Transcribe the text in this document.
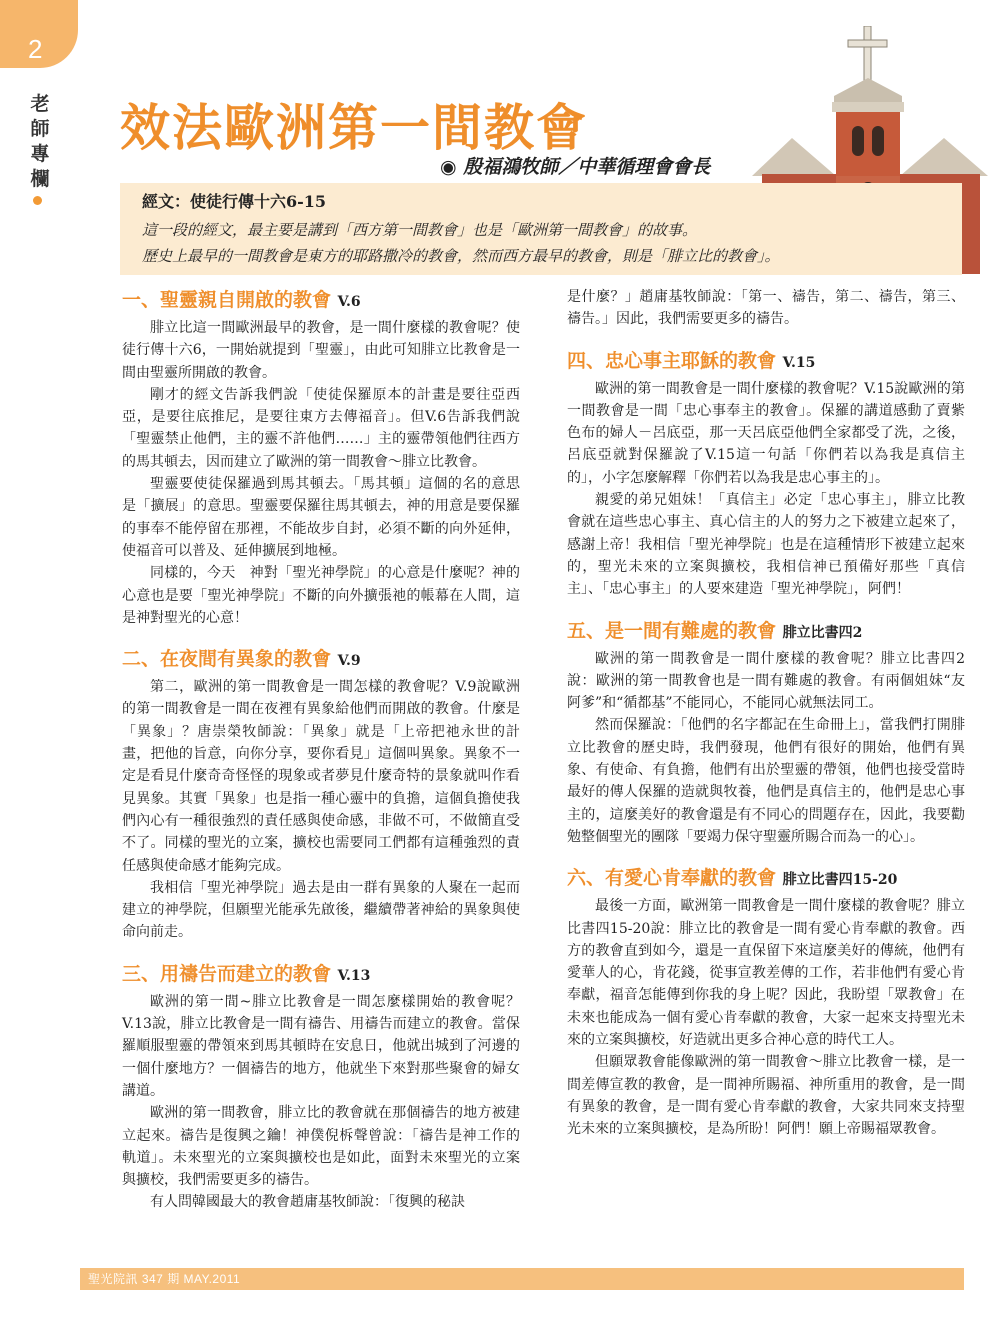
2
老師專欄
效法歐洲第一間教會

◉ 殷福鴻牧師／中華循理會會長

經文：使徒行傳十六6-15

這一段的經文，最主要是講到「西方第一間教會」也是「歐洲第一間教會」的故事。

歷史上最早的一間教會是東方的耶路撒冷的教會，然而西方最早的教會，則是「腓立比的教會」。

一、聖靈親自開啟的教會 V.6

腓立比這一間歐洲最早的教會，是一間什麼樣的教會呢？使徒行傳十六6，一開始就提到「聖靈」，由此可知腓立比教會是一間由聖靈所開啟的教會。

剛才的經文告訴我們說「使徒保羅原本的計畫是要往亞西亞，是要往底推尼，是要往東方去傳福音」。但V.6告訴我們說「聖靈禁止他們，主的靈不許他們……」主的靈帶領他們往西方的馬其頓去，因而建立了歐洲的第一間教會～腓立比教會。

聖靈要使徒保羅過到馬其頓去。「馬其頓」這個的名的意思是「擴展」的意思。聖靈要保羅往馬其頓去，神的用意是要保羅的事奉不能停留在那裡，不能故步自封，必須不斷的向外延伸，使福音可以普及、延伸擴展到地極。

同樣的，今天　神對「聖光神學院」的心意是什麼呢？神的心意也是要「聖光神學院」不斷的向外擴張祂的帳幕在人間，這是神對聖光的心意！

二、在夜間有異象的教會 V.9

第二，歐洲的第一間教會是一間怎樣的教會呢？V.9說歐洲的第一間教會是一間在夜裡有異象給他們而開啟的教會。什麼是「異象」？唐崇榮牧師說：「異象」就是「上帝把祂永世的計畫，把他的旨意，向你分享，要你看見」這個叫異象。異象不一定是看見什麼奇奇怪怪的現象或者夢見什麼奇特的景象就叫作看見異象。其實「異象」也是指一種心靈中的負擔，這個負擔使我們內心有一種很強烈的責任感與使命感，非做不可，不做簡直受不了。同樣的聖光的立案，擴校也需要同工們都有這種強烈的責任感與使命感才能夠完成。

我相信「聖光神學院」過去是由一群有異象的人聚在一起而建立的神學院，但願聖光能承先啟後，繼續帶著神給的異象與使命向前走。

三、用禱告而建立的教會 V.13

歐洲的第一間~腓立比教會是一間怎麼樣開始的教會呢？V.13說，腓立比教會是一間有禱告、用禱告而建立的教會。當保羅順服聖靈的帶領來到馬其頓時在安息日，他就出城到了河邊的一個什麼地方？一個禱告的地方，他就坐下來對那些聚會的婦女講道。

歐洲的第一間教會，腓立比的教會就在那個禱告的地方被建立起來。禱告是復興之鑰！神僕倪柝聲曾說：「禱告是神工作的軌道」。未來聖光的立案與擴校也是如此，面對未來聖光的立案與擴校，我們需要更多的禱告。

有人問韓國最大的教會趙庸基牧師說：「復興的秘訣

是什麼？」趙庸基牧師說：「第一、禱告，第二、禱告，第三、禱告。」因此，我們需要更多的禱告。

四、忠心事主耶穌的教會 V.15

歐洲的第一間教會是一間什麼樣的教會呢？V.15說歐洲的第一間教會是一間「忠心事奉主的教會」。保羅的講道感動了賣紫色布的婦人－呂底亞，那一天呂底亞他們全家都受了洗，之後，呂底亞就對保羅說了V.15這一句話「你們若以為我是真信主的」，小字怎麼解釋「你們若以為我是忠心事主的」。

親愛的弟兄姐妹！「真信主」必定「忠心事主」，腓立比教會就在這些忠心事主、真心信主的人的努力之下被建立起來了，感謝上帝！我相信「聖光神學院」也是在這種情形下被建立起來的，聖光未來的立案與擴校，我相信神已預備好那些「真信主」、「忠心事主」的人要來建造「聖光神學院」，阿們！

五、是一間有難處的教會 腓立比書四2

歐洲的第一間教會是一間什麼樣的教會呢？腓立比書四2說：歐洲的第一間教會也是一間有難處的教會。有兩個姐妹“友阿爹”和“循都基”不能同心，不能同心就無法同工。

然而保羅說：「他們的名字都記在生命冊上」，當我們打開腓立比教會的歷史時，我們發現，他們有很好的開始，他們有異象、有使命、有負擔，他們有出於聖靈的帶領，他們也接受當時最好的傳人保羅的造就與牧養，他們是真信主的，他們是忠心事主的，這麼美好的教會還是有不同心的問題存在，因此，我要勸勉整個聖光的團隊「要竭力保守聖靈所賜合而為一的心」。

六、有愛心肯奉獻的教會 腓立比書四15-20

最後一方面，歐洲第一間教會是一間什麼樣的教會呢？腓立比書四15-20說：腓立比的教會是一間有愛心肯奉獻的教會。西方的教會直到如今，還是一直保留下來這麼美好的傳統，他們有愛華人的心，肯花錢，從事宣教差傳的工作，若非他們有愛心肯奉獻，福音怎能傳到你我的身上呢？因此，我盼望「眾教會」在未來也能成為一個有愛心肯奉獻的教會，大家一起來支持聖光未來的立案與擴校，好造就出更多合神心意的時代工人。

但願眾教會能像歐洲的第一間教會～腓立比教會一樣，是一間差傳宣教的教會，是一間神所賜福、神所重用的教會，是一間有異象的教會，是一間有愛心肯奉獻的教會，大家共同來支持聖光未來的立案與擴校，是為所盼！阿們！願上帝賜福眾教會。

聖光院訊 347 期 MAY.2011
